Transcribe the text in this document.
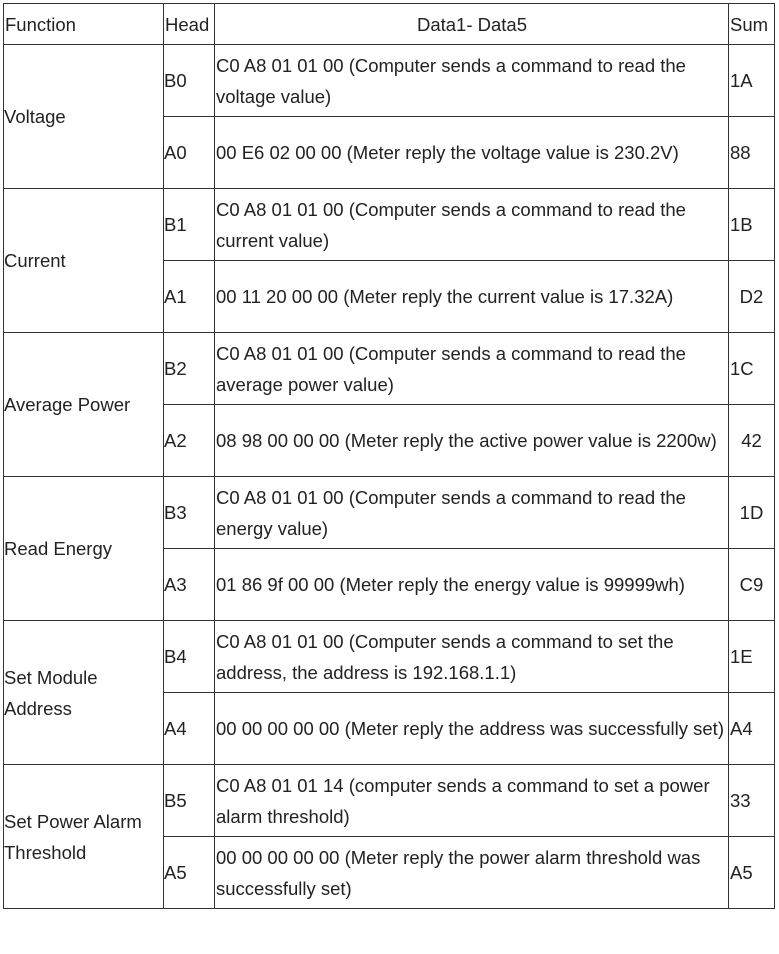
Function	Head	Data1- Data5	Sum
Voltage	B0	C0 A8 01 01 00 (Computer sends a command to read the voltage value)	1A
	A0	00 E6 02 00 00 (Meter reply the voltage value is 230.2V)	88
Current	B1	C0 A8 01 01 00 (Computer sends a command to read the current value)	1B
	A1	00 11 20 00 00 (Meter reply the current value is 17.32A)	D2
Average Power	B2	C0 A8 01 01 00 (Computer sends a command to read the average power value)	1C
	A2	08 98 00 00 00 (Meter reply the active power value is 2200w)	42
Read Energy	B3	C0 A8 01 01 00 (Computer sends a command to read the energy value)	1D
	A3	01 86 9f 00 00 (Meter reply the energy value is 99999wh)	C9
Set Module Address	B4	C0 A8 01 01 00 (Computer sends a command to set the address, the address is 192.168.1.1)	1E
	A4	00 00 00 00 00 (Meter reply the address was successfully set)	A4
Set Power Alarm Threshold	B5	C0 A8 01 01 14 (computer sends a command to set a power alarm threshold)	33
	A5	00 00 00 00 00 (Meter reply the power alarm threshold was successfully set)	A5
